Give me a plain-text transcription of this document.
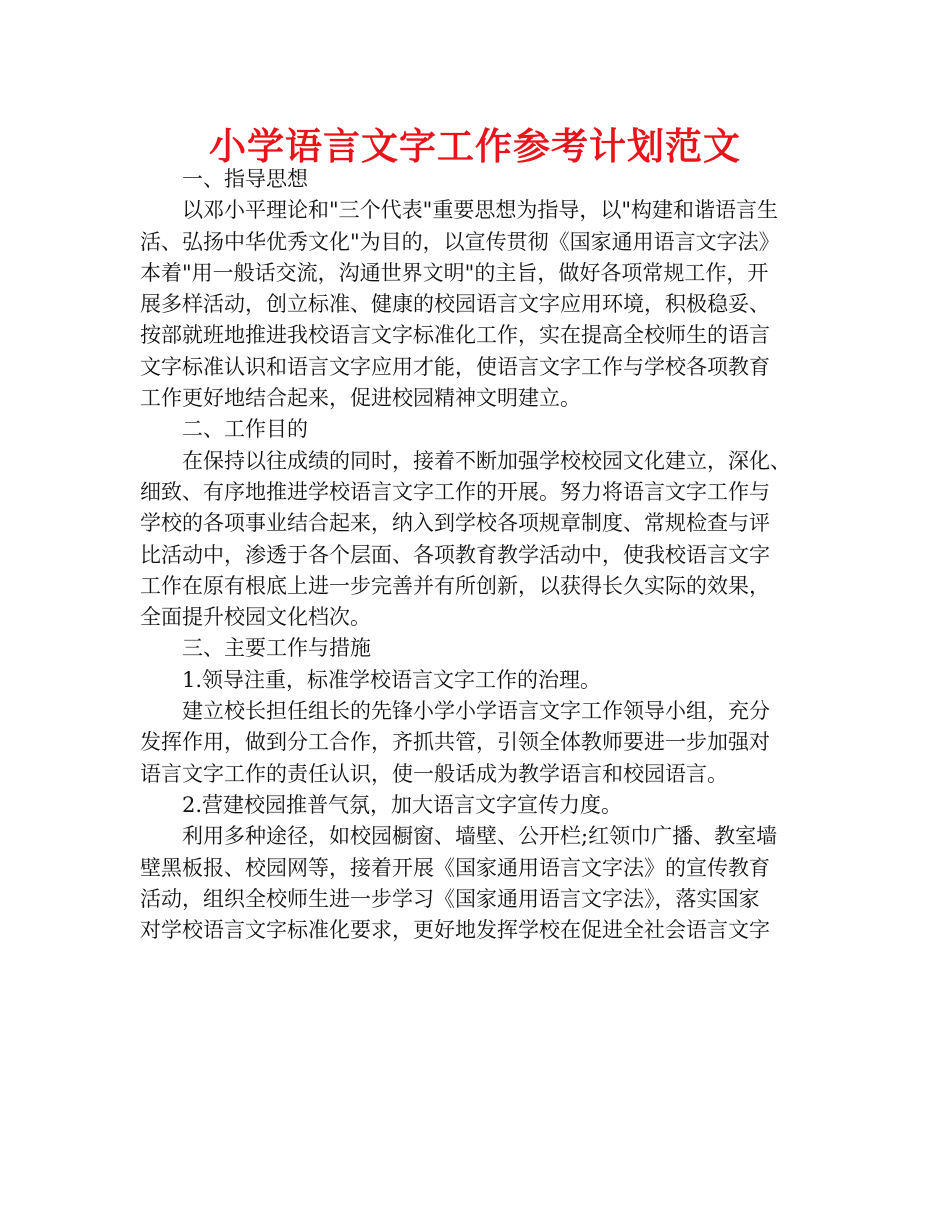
小学语言文字工作参考计划范文
一、指导思想
以邓小平理论和"三个代表"重要思想为指导，以"构建和谐语言生
活、弘扬中华优秀文化"为目的，以宣传贯彻《国家通用语言文字法》
本着"用一般话交流，沟通世界文明"的主旨，做好各项常规工作，开
展多样活动，创立标准、健康的校园语言文字应用环境，积极稳妥、
按部就班地推进我校语言文字标准化工作，实在提高全校师生的语言
文字标准认识和语言文字应用才能，使语言文字工作与学校各项教育
工作更好地结合起来，促进校园精神文明建立。
二、工作目的
在保持以往成绩的同时，接着不断加强学校校园文化建立，深化、
细致、有序地推进学校语言文字工作的开展。努力将语言文字工作与
学校的各项事业结合起来，纳入到学校各项规章制度、常规检查与评
比活动中，渗透于各个层面、各项教育教学活动中，使我校语言文字
工作在原有根底上进一步完善并有所创新，以获得长久实际的效果，
全面提升校园文化档次。
三、主要工作与措施
1.领导注重，标准学校语言文字工作的治理。
建立校长担任组长的先锋小学小学语言文字工作领导小组，充分
发挥作用，做到分工合作，齐抓共管，引领全体教师要进一步加强对
语言文字工作的责任认识，使一般话成为教学语言和校园语言。
2.营建校园推普气氛，加大语言文字宣传力度。
利用多种途径，如校园橱窗、墙壁、公开栏;红领巾广播、教室墙
壁黑板报、校园网等，接着开展《国家通用语言文字法》的宣传教育
活动，组织全校师生进一步学习《国家通用语言文字法》，落实国家
对学校语言文字标准化要求，更好地发挥学校在促进全社会语言文字
